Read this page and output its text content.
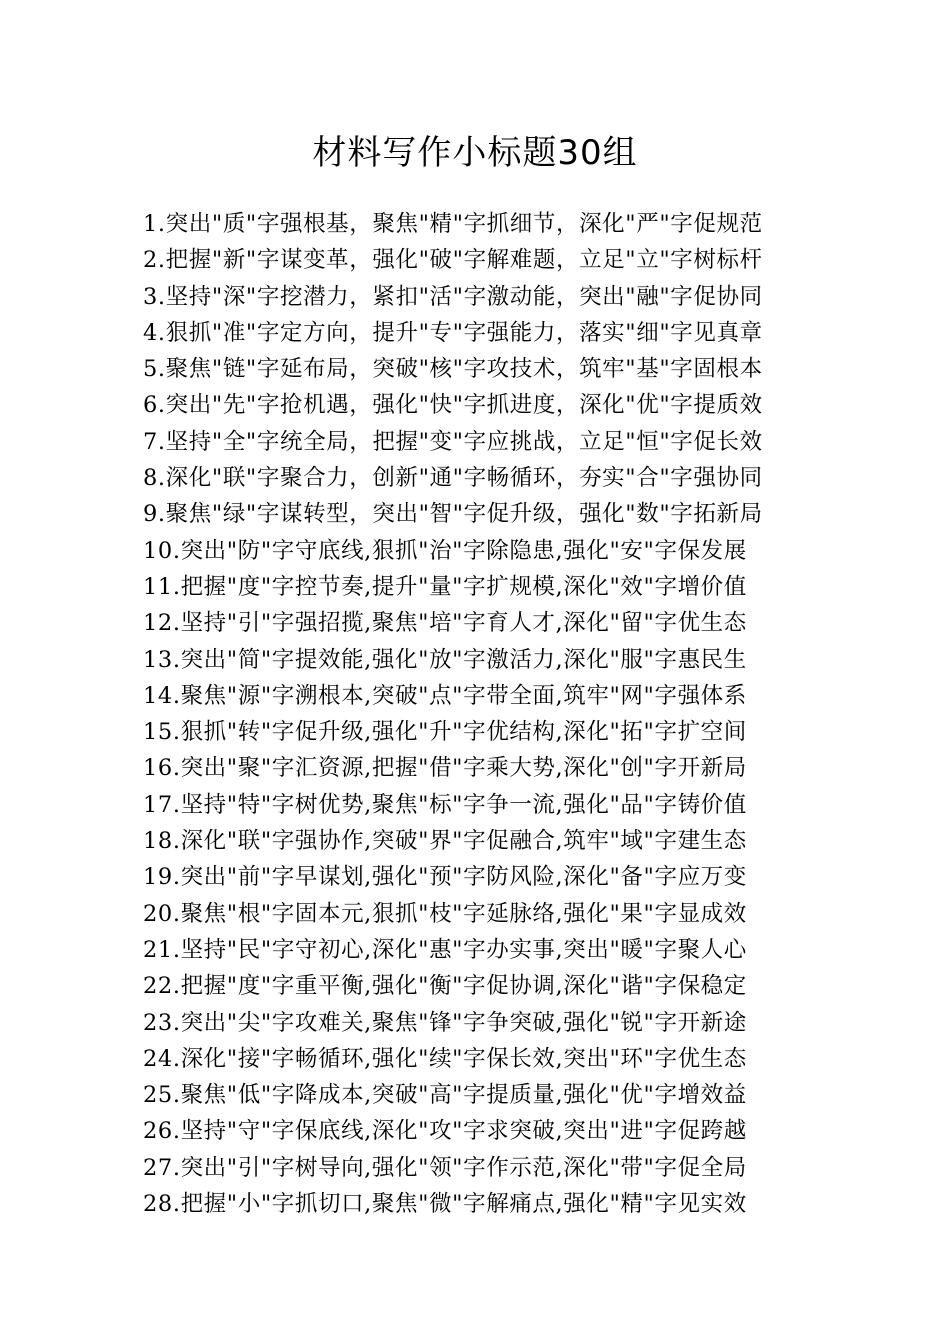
材料写作小标题30组
1.突出"质"字强根基，聚焦"精"字抓细节，深化"严"字促规范
2.把握"新"字谋变革，强化"破"字解难题，立足"立"字树标杆
3.坚持"深"字挖潜力，紧扣"活"字激动能，突出"融"字促协同
4.狠抓"准"字定方向，提升"专"字强能力，落实"细"字见真章
5.聚焦"链"字延布局，突破"核"字攻技术，筑牢"基"字固根本
6.突出"先"字抢机遇，强化"快"字抓进度，深化"优"字提质效
7.坚持"全"字统全局，把握"变"字应挑战，立足"恒"字促长效
8.深化"联"字聚合力，创新"通"字畅循环，夯实"合"字强协同
9.聚焦"绿"字谋转型，突出"智"字促升级，强化"数"字拓新局
10.突出"防"字守底线,狠抓"治"字除隐患,强化"安"字保发展
11.把握"度"字控节奏,提升"量"字扩规模,深化"效"字增价值
12.坚持"引"字强招揽,聚焦"培"字育人才,深化"留"字优生态
13.突出"简"字提效能,强化"放"字激活力,深化"服"字惠民生
14.聚焦"源"字溯根本,突破"点"字带全面,筑牢"网"字强体系
15.狠抓"转"字促升级,强化"升"字优结构,深化"拓"字扩空间
16.突出"聚"字汇资源,把握"借"字乘大势,深化"创"字开新局
17.坚持"特"字树优势,聚焦"标"字争一流,强化"品"字铸价值
18.深化"联"字强协作,突破"界"字促融合,筑牢"域"字建生态
19.突出"前"字早谋划,强化"预"字防风险,深化"备"字应万变
20.聚焦"根"字固本元,狠抓"枝"字延脉络,强化"果"字显成效
21.坚持"民"字守初心,深化"惠"字办实事,突出"暖"字聚人心
22.把握"度"字重平衡,强化"衡"字促协调,深化"谐"字保稳定
23.突出"尖"字攻难关,聚焦"锋"字争突破,强化"锐"字开新途
24.深化"接"字畅循环,强化"续"字保长效,突出"环"字优生态
25.聚焦"低"字降成本,突破"高"字提质量,强化"优"字增效益
26.坚持"守"字保底线,深化"攻"字求突破,突出"进"字促跨越
27.突出"引"字树导向,强化"领"字作示范,深化"带"字促全局
28.把握"小"字抓切口,聚焦"微"字解痛点,强化"精"字见实效
